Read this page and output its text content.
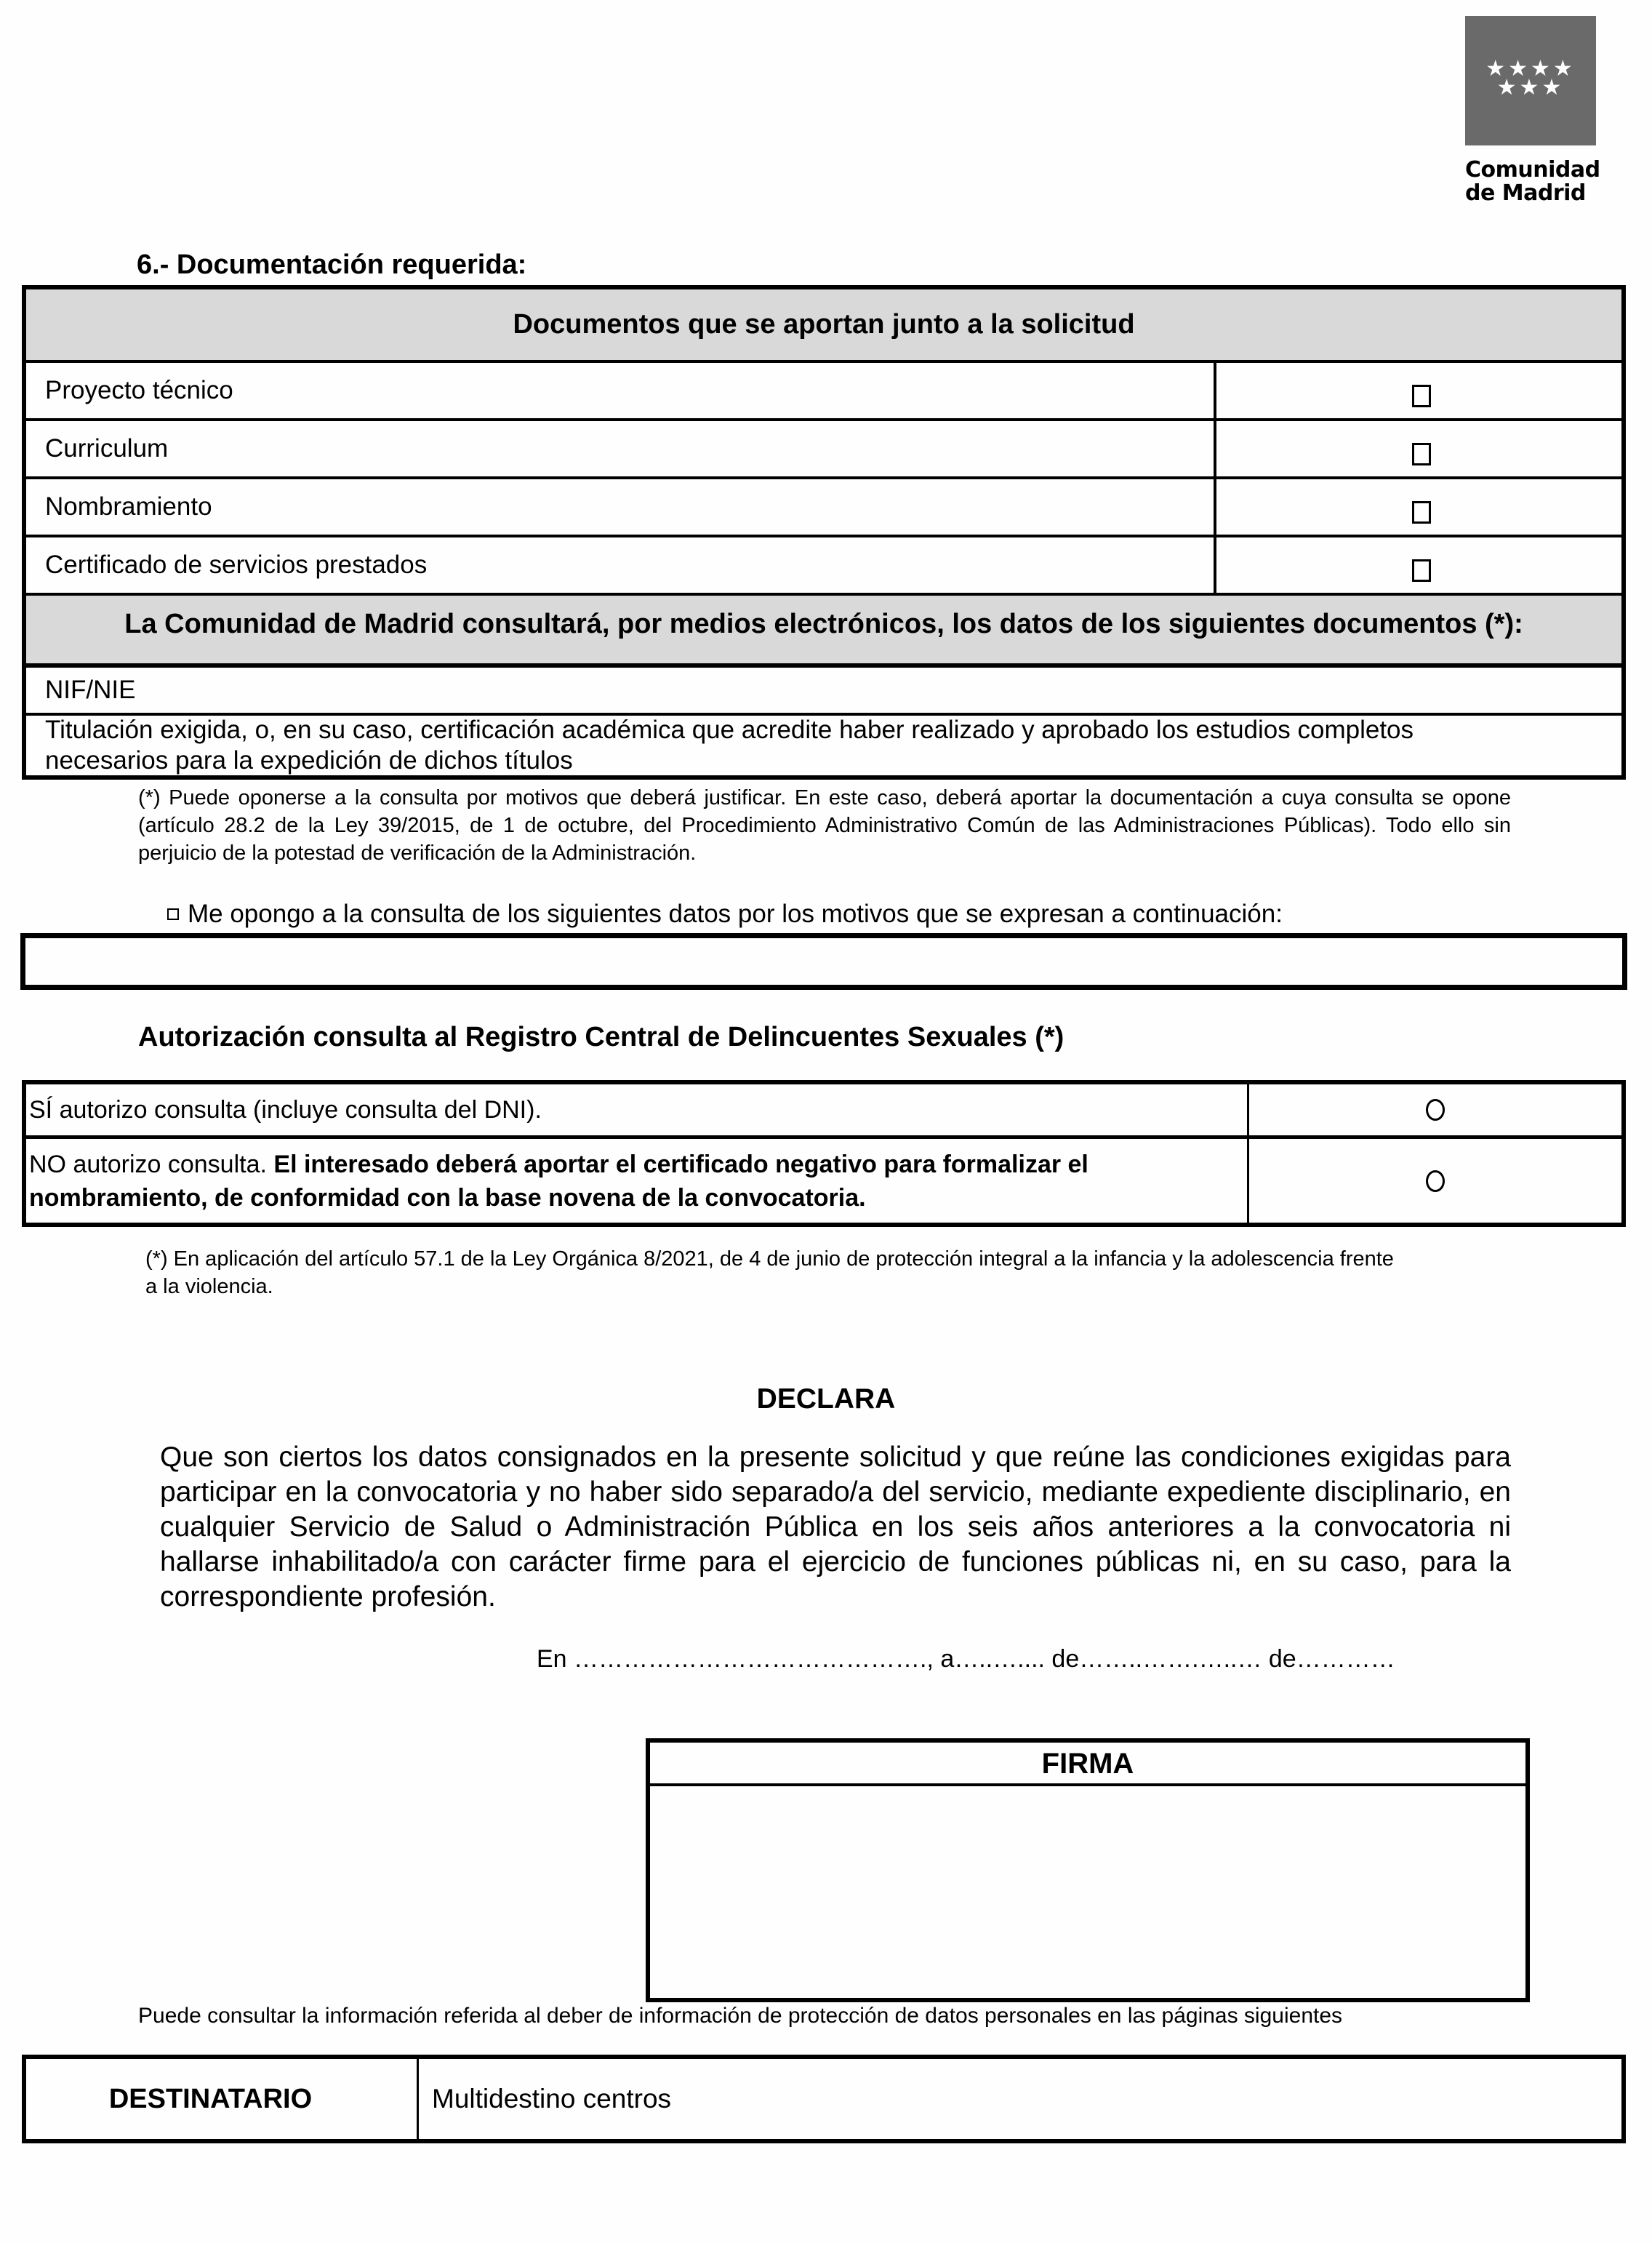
★★★★
★★★
Comunidad
de Madrid
6.- Documentación requerida:
Documentos que se aportan junto a la solicitud
Proyecto técnico
Curriculum
Nombramiento
Certificado de servicios prestados
La Comunidad de Madrid consultará, por medios electrónicos, los datos de los siguientes documentos (*):
NIF/NIE
Titulación exigida, o, en su caso, certificación académica que acredite haber realizado y aprobado los estudios completos necesarios para la expedición de dichos títulos
(*) Puede oponerse a la consulta por motivos que deberá justificar. En este caso, deberá aportar la documentación a cuya consulta se opone (artículo 28.2 de la Ley 39/2015, de 1 de octubre, del Procedimiento Administrativo Común de las Administraciones Públicas). Todo ello sin perjuicio de la potestad de verificación de la Administración.
Me opongo a la consulta de los siguientes datos por los motivos que se expresan a continuación:
Autorización consulta al Registro Central de Delincuentes Sexuales (*)
SÍ autorizo consulta (incluye consulta del DNI).
NO autorizo consulta. El interesado deberá aportar el certificado negativo para formalizar el nombramiento, de conformidad con la base novena de la convocatoria.
(*) En aplicación del artículo 57.1 de la Ley Orgánica 8/2021, de 4 de junio de protección integral a la infancia y la adolescencia frente a la violencia.
DECLARA
Que son ciertos los datos consignados en la presente solicitud y que reúne las condiciones exigidas para participar en la convocatoria y no haber sido separado/a del servicio, mediante expediente disciplinario, en cualquier Servicio de Salud o Administración Pública en los seis años anteriores a la convocatoria ni hallarse inhabilitado/a con carácter firme para el ejercicio de funciones públicas ni, en su caso, para la correspondiente profesión.
En ……………………………………., a…..….... de……..…….…..… de…………
FIRMA
Puede consultar la información referida al deber de información de protección de datos personales en las páginas siguientes
DESTINATARIO	Multidestino centros
